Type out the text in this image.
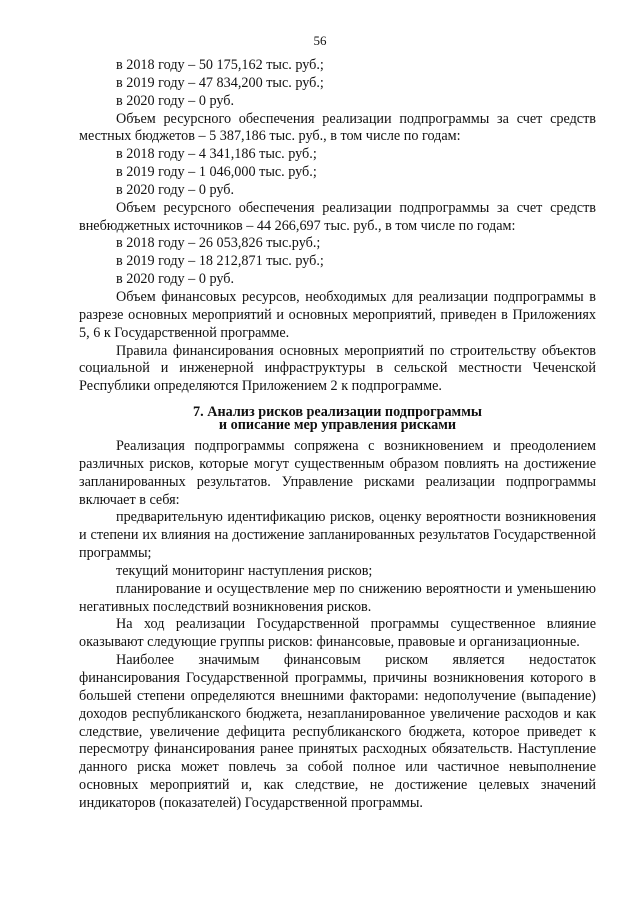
56

в 2018 году – 50 175,162 тыс. руб.;

в 2019 году – 47 834,200 тыс. руб.;

в 2020 году – 0 руб.

Объем ресурсного обеспечения реализации подпрограммы за счет средств местных бюджетов – 5 387,186 тыс. руб., в том числе по годам:

в 2018 году – 4 341,186 тыс. руб.;

в 2019 году – 1 046,000 тыс. руб.;

в 2020 году – 0 руб.

Объем ресурсного обеспечения реализации подпрограммы за счет средств внебюджетных источников – 44 266,697 тыс. руб., в том числе по годам:

в 2018 году – 26 053,826 тыс.руб.;

в 2019 году – 18 212,871 тыс. руб.;

в 2020 году – 0 руб.

Объем финансовых ресурсов, необходимых для реализации подпрограммы в разрезе основных мероприятий и основных мероприятий, приведен в Приложениях 5, 6 к Государственной программе.

Правила финансирования основных мероприятий по строительству объектов социальной и инженерной инфраструктуры в сельской местности Чеченской Республики определяются Приложением 2 к подпрограмме.

7. Анализ рисков реализации подпрограммы
и описание мер управления рисками

Реализация подпрограммы сопряжена с возникновением и преодолением различных рисков, которые могут существенным образом повлиять на достижение запланированных результатов. Управление рисками реализации подпрограммы включает в себя:

предварительную идентификацию рисков, оценку вероятности возникновения и степени их влияния на достижение запланированных результатов Государственной программы;

текущий мониторинг наступления рисков;

планирование и осуществление мер по снижению вероятности и уменьшению негативных последствий возникновения рисков.

На ход реализации Государственной программы существенное влияние оказывают следующие группы рисков: финансовые, правовые и организационные.

Наиболее значимым финансовым риском является недостаток финансирования Государственной программы, причины возникновения которого в большей степени определяются внешними факторами: недополучение (выпадение) доходов республиканского бюджета, незапланированное увеличение расходов и как следствие, увеличение дефицита республиканского бюджета, которое приведет к пересмотру финансирования ранее принятых расходных обязательств. Наступление данного риска может повлечь за собой полное или частичное невыполнение основных мероприятий и, как следствие, не достижение целевых значений индикаторов (показателей) Государственной программы.
